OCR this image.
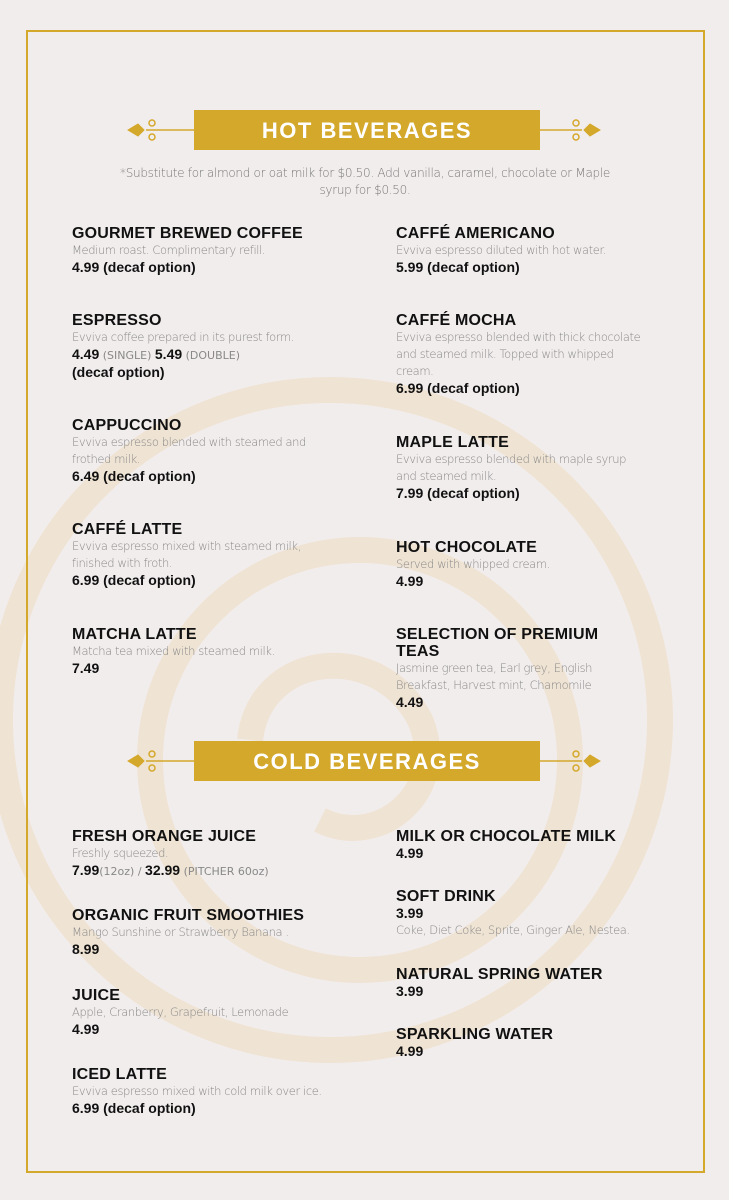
HOT BEVERAGES
*Substitute for almond or oat milk for $0.50. Add vanilla, caramel, chocolate or Maple syrup for $0.50.
COLD BEVERAGES
GOURMET BREWED COFFEE
Medium roast. Complimentary refill.
4.99 (decaf option)
ESPRESSO
Evviva coffee prepared in its purest form.
4.49 (SINGLE) 5.49 (DOUBLE)
(decaf option)
CAPPUCCINO
Evviva espresso blended with steamed and frothed milk.
6.49 (decaf option)
CAFFÉ LATTE
Evviva espresso mixed with steamed milk, finished with froth.
6.99 (decaf option)
MATCHA LATTE
Matcha tea mixed with steamed milk.
7.49
CAFFÉ AMERICANO
Evviva espresso diluted with hot water.
5.99 (decaf option)
CAFFÉ MOCHA
Evviva espresso blended with thick chocolate and steamed milk. Topped with whipped cream.
6.99 (decaf option)
MAPLE LATTE
Evviva espresso blended with maple syrup and steamed milk.
7.99 (decaf option)
HOT CHOCOLATE
Served with whipped cream.
4.99
SELECTION OF PREMIUM TEAS
Jasmine green tea, Earl grey, English Breakfast, Harvest mint, Chamomile
4.49
FRESH ORANGE JUICE
Freshly squeezed.
7.99(12oz) / 32.99 (PITCHER 60oz)
ORGANIC FRUIT SMOOTHIES
Mango Sunshine or Strawberry Banana .
8.99
JUICE
Apple, Cranberry, Grapefruit, Lemonade
4.99
ICED LATTE
Evviva espresso mixed with cold milk over ice.
6.99 (decaf option)
MILK OR CHOCOLATE MILK
4.99
SOFT DRINK
3.99
Coke, Diet Coke, Sprite, Ginger Ale, Nestea.
NATURAL SPRING WATER
3.99
SPARKLING WATER
4.99
